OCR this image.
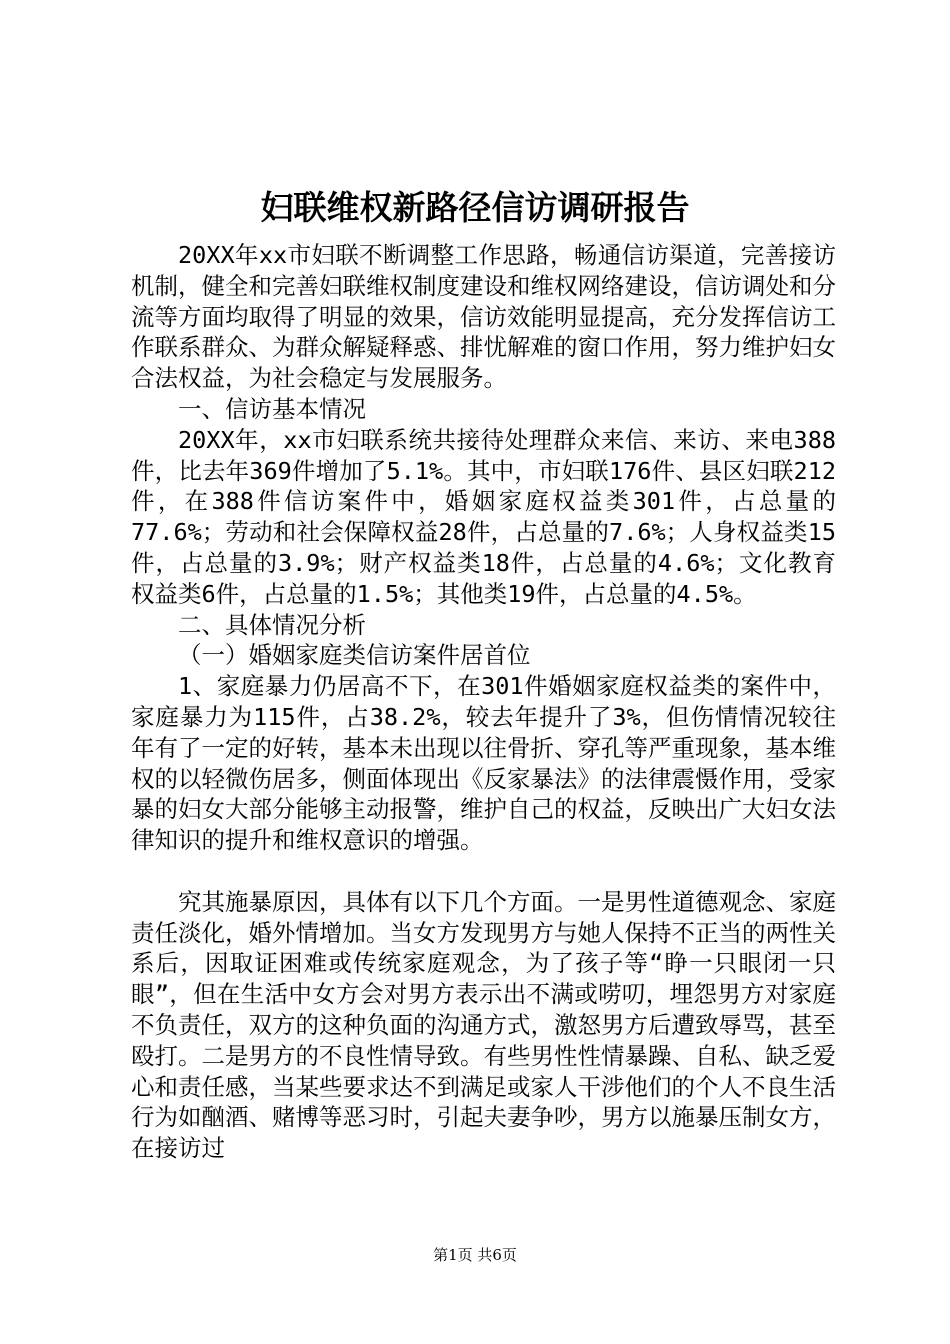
妇联维权新路径信访调研报告

20XX年xx市妇联不断调整工作思路，畅通信访渠道，完善接访机制，健全和完善妇联维权制度建设和维权网络建设，信访调处和分流等方面均取得了明显的效果，信访效能明显提高，充分发挥信访工作联系群众、为群众解疑释惑、排忧解难的窗口作用，努力维护妇女合法权益，为社会稳定与发展服务。

一、信访基本情况

20XX年，xx市妇联系统共接待处理群众来信、来访、来电388件，比去年369件增加了5.1%。其中，市妇联176件、县区妇联212件，在388件信访案件中，婚姻家庭权益类301件，占总量的77.6%；劳动和社会保障权益28件，占总量的7.6%；人身权益类15件，占总量的3.9%；财产权益类18件，占总量的4.6%；文化教育权益类6件，占总量的1.5%；其他类19件，占总量的4.5%。

二、具体情况分析

（一）婚姻家庭类信访案件居首位

1、家庭暴力仍居高不下，在301件婚姻家庭权益类的案件中，家庭暴力为115件，占38.2%，较去年提升了3%，但伤情情况较往年有了一定的好转，基本未出现以往骨折、穿孔等严重现象，基本维权的以轻微伤居多，侧面体现出《反家暴法》的法律震慑作用，受家暴的妇女大部分能够主动报警，维护自己的权益，反映出广大妇女法律知识的提升和维权意识的增强。

究其施暴原因，具体有以下几个方面。一是男性道德观念、家庭责任淡化，婚外情增加。当女方发现男方与她人保持不正当的两性关系后，因取证困难或传统家庭观念，为了孩子等“睁一只眼闭一只眼”，但在生活中女方会对男方表示出不满或唠叨，埋怨男方对家庭不负责任，双方的这种负面的沟通方式，激怒男方后遭致辱骂，甚至殴打。二是男方的不良性情导致。有些男性性情暴躁、自私、缺乏爱心和责任感，当某些要求达不到满足或家人干涉他们的个人不良生活行为如酗酒、赌博等恶习时，引起夫妻争吵，男方以施暴压制女方，在接访过

第1页 共6页
